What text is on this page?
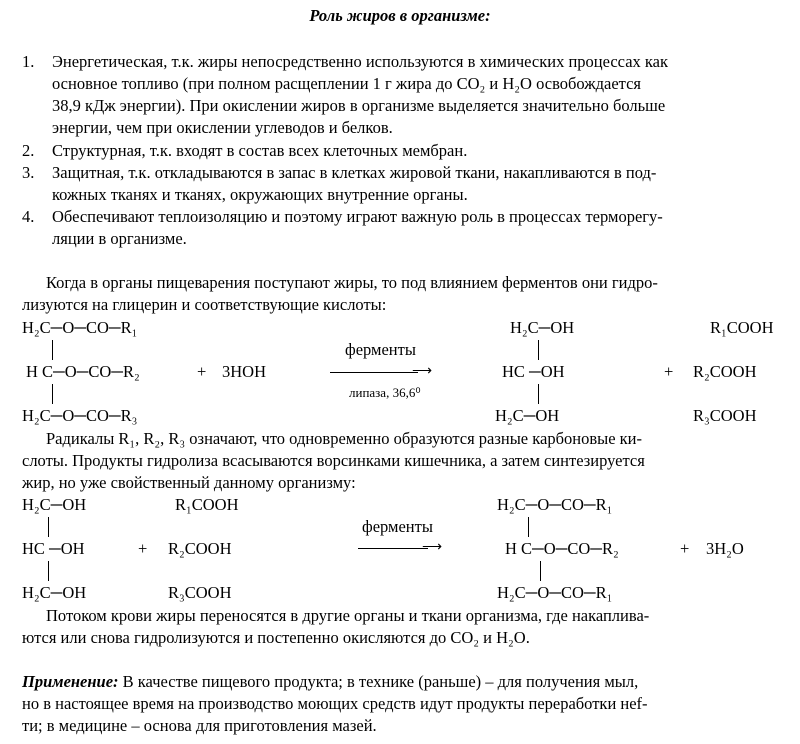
Роль жиров в организме:
1. Энергетическая, т.к. жиры непосредственно используются в химических процессах как
основное топливо (при полном расщеплении 1 г жира до CO₂ и H₂O освобождается
38,9 кДж энергии). При окислении жиров в организме выделяется значительно больше
энергии, чем при окислении углеводов и белков.
2. Структурная, т.к. входят в состав всех клеточных мембран.
3. Защитная, т.к. откладываются в запас в клетках жировой ткани, накапливаются в под-
кожных тканях и тканях, окружающих внутренние органы.
4. Обеспечивают теплоизоляцию и поэтому играют важную роль в процессах терморегу-
ляции в организме.
Когда в органы пищеварения поступают жиры, то под влиянием ферментов они гидро-
лизуются на глицерин и соответствующие кислоты:
H₂C─O─CO─R₁
H C─O─CO─R₂
H₂C─O─CO─R₃
+ 3HOH
ферменты
⟶
липаза, 36,6⁰
H₂C─OH
HC ─OH
H₂C─OH
+
R₁COOH
R₂COOH
R₃COOH
Радикалы R₁, R₂, R₃ означают, что одновременно образуются разные карбоновые ки-
слоты. Продукты гидролиза всасываются ворсинками кишечника, а затем синтезируется
жир, но уже свойственный данному организму:
H₂C─OH
HC ─OH
H₂C─OH
+
R₁COOH
R₂COOH
R₃COOH
ферменты
⟶
H₂C─O─CO─R₁
H C─O─CO─R₂
H₂C─O─CO─R₁
+ 3H₂O
Потоком крови жиры переносятся в другие органы и ткани организма, где накаплива-
ются или снова гидролизуются и постепенно окисляются до CO₂ и H₂O.
Применение: В качестве пищевого продукта; в технике (раньше) – для получения мыл,
но в настоящее время на производство моющих средств идут продукты переработки нef-
ти; в медицине – основа для приготовления мазей.
